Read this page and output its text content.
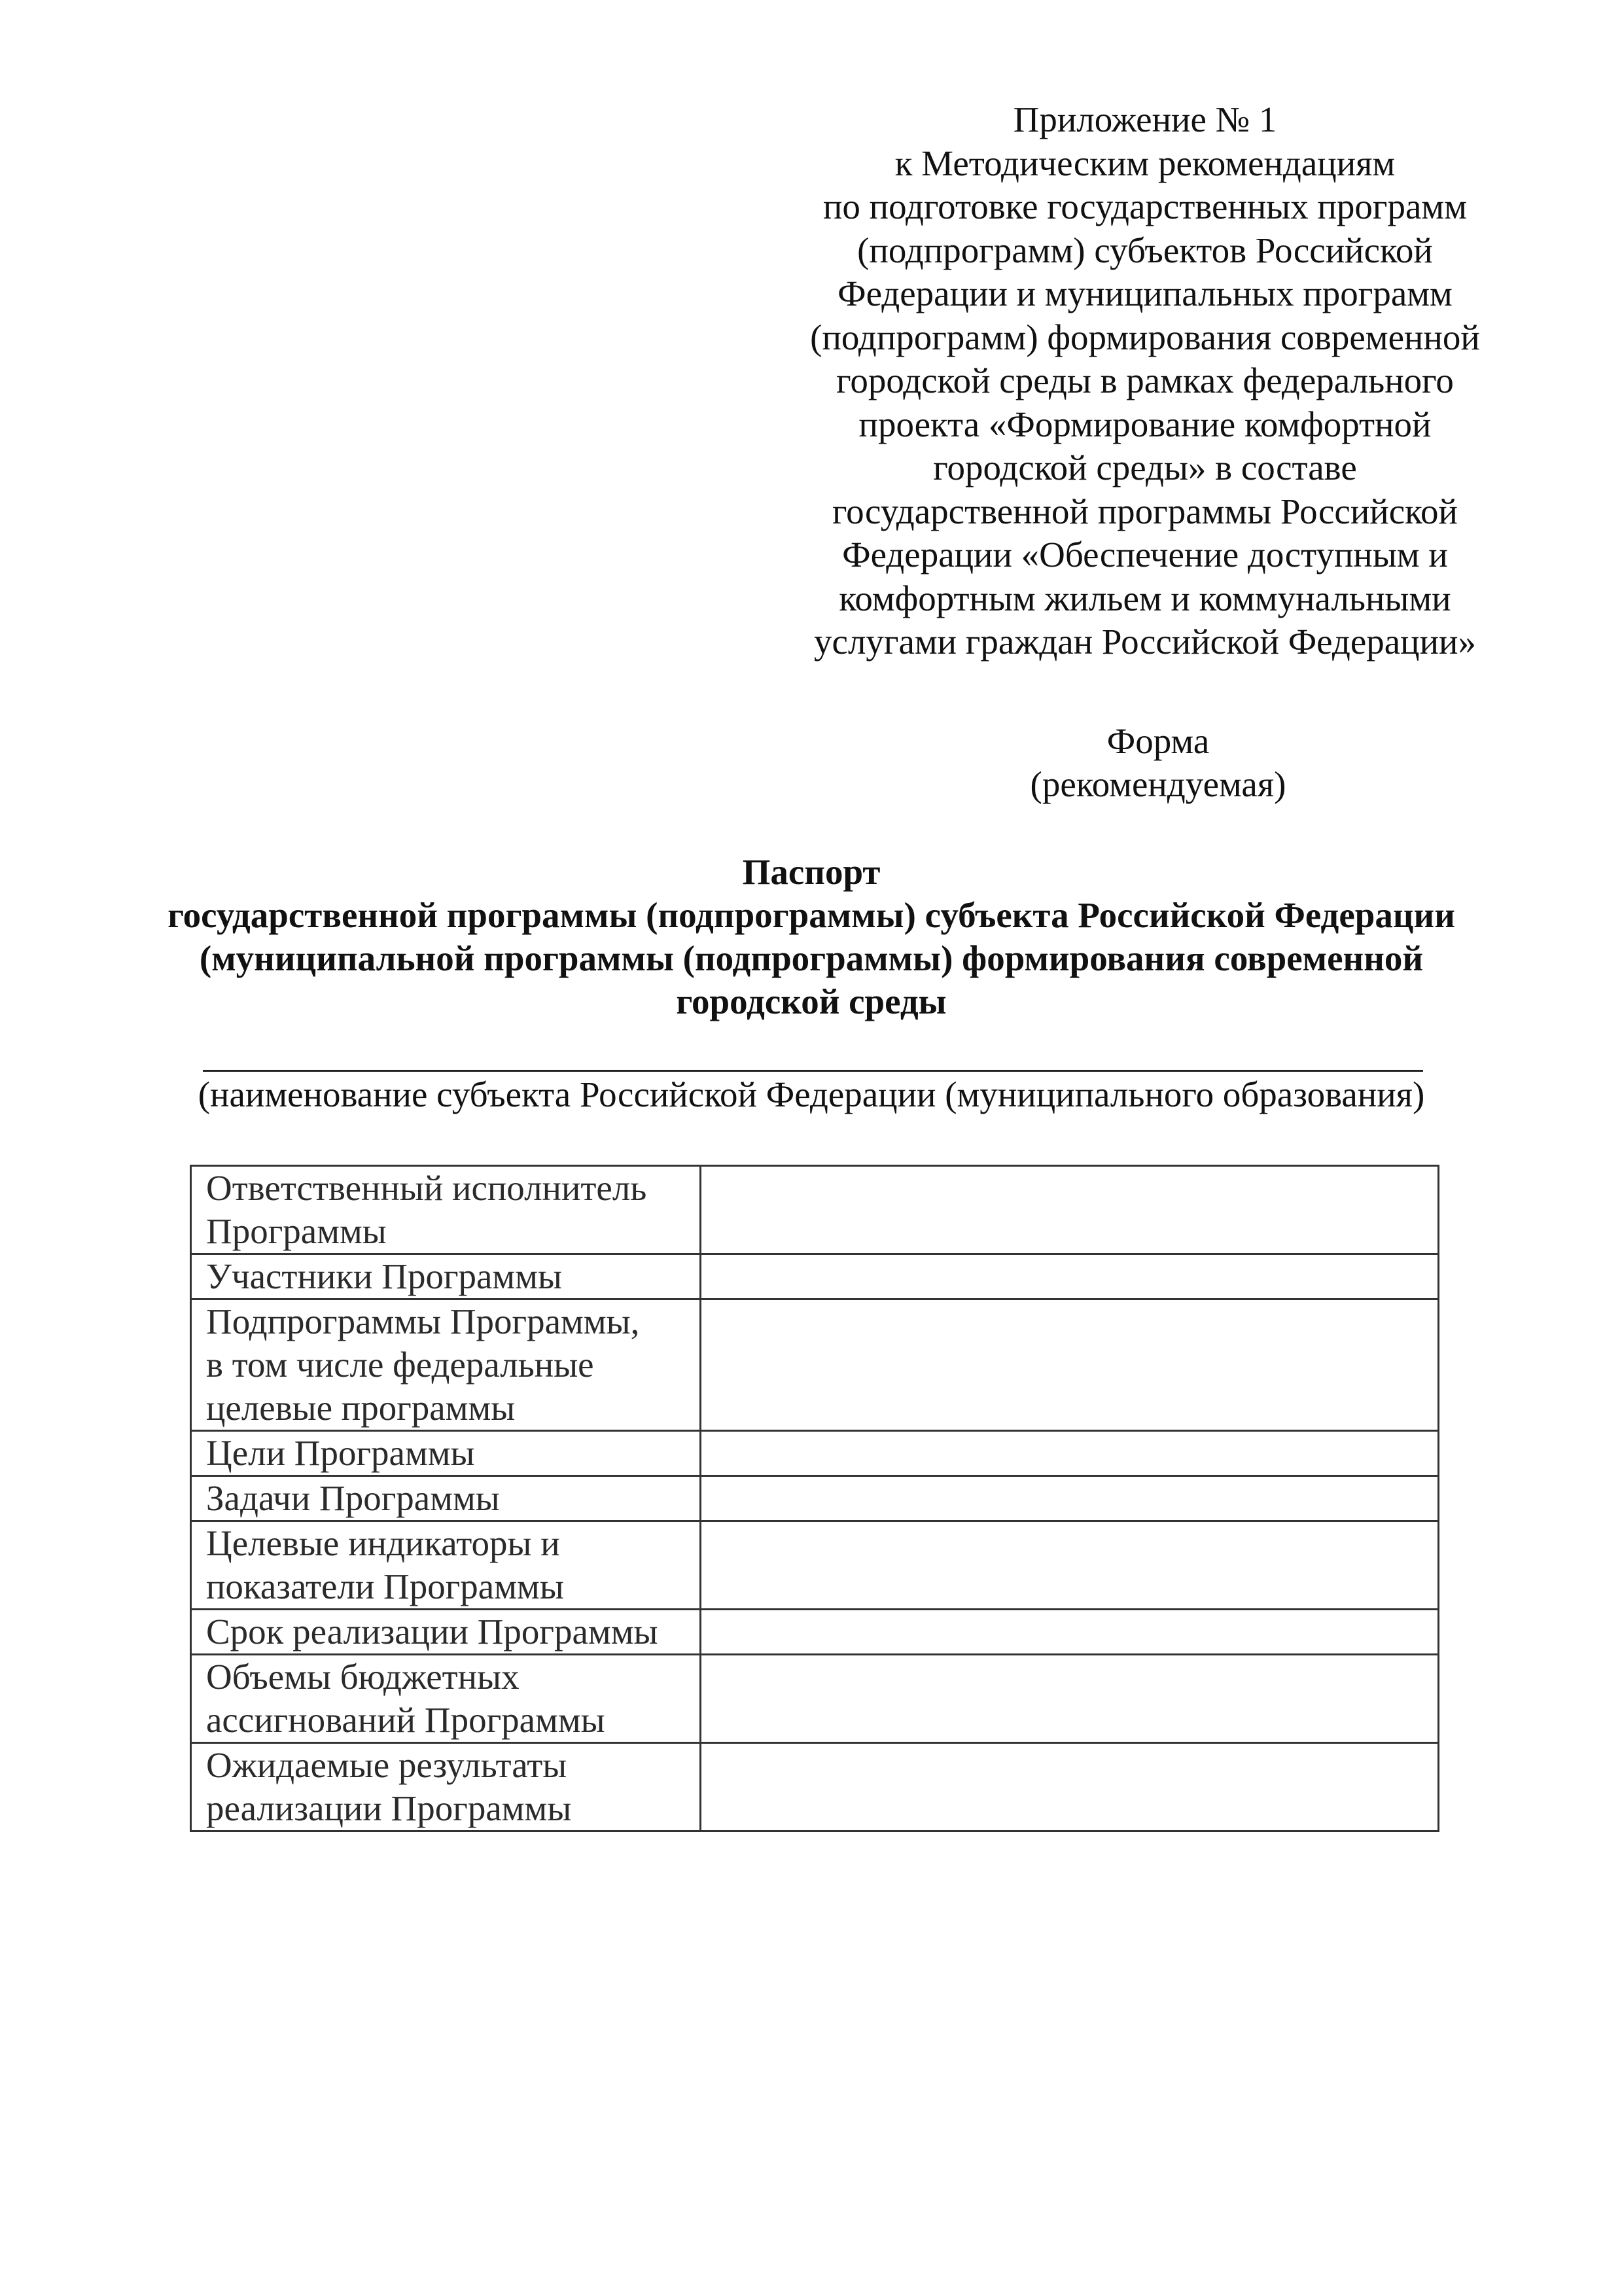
Приложение № 1
к Методическим рекомендациям
по подготовке государственных программ
(подпрограмм) субъектов Российской
Федерации и муниципальных программ
(подпрограмм) формирования современной
городской среды в рамках федерального
проекта «Формирование комфортной
городской среды» в составе
государственной программы Российской
Федерации «Обеспечение доступным и
комфортным жильем и коммунальными
услугами граждан Российской Федерации»
Форма
(рекомендуемая)
Паспорт
государственной программы (подпрограммы) субъекта Российской Федерации
(муниципальной программы (подпрограммы) формирования современной
городской среды
(наименование субъекта Российской Федерации (муниципального образования)
Ответственный исполнитель
Программы	

Участники Программы	

Подпрограммы Программы,
в том числе федеральные
целевые программы	

Цели Программы	

Задачи Программы	

Целевые индикаторы и
показатели Программы	

Срок реализации Программы	

Объемы бюджетных
ассигнований Программы	

Ожидаемые результаты
реализации Программы	
